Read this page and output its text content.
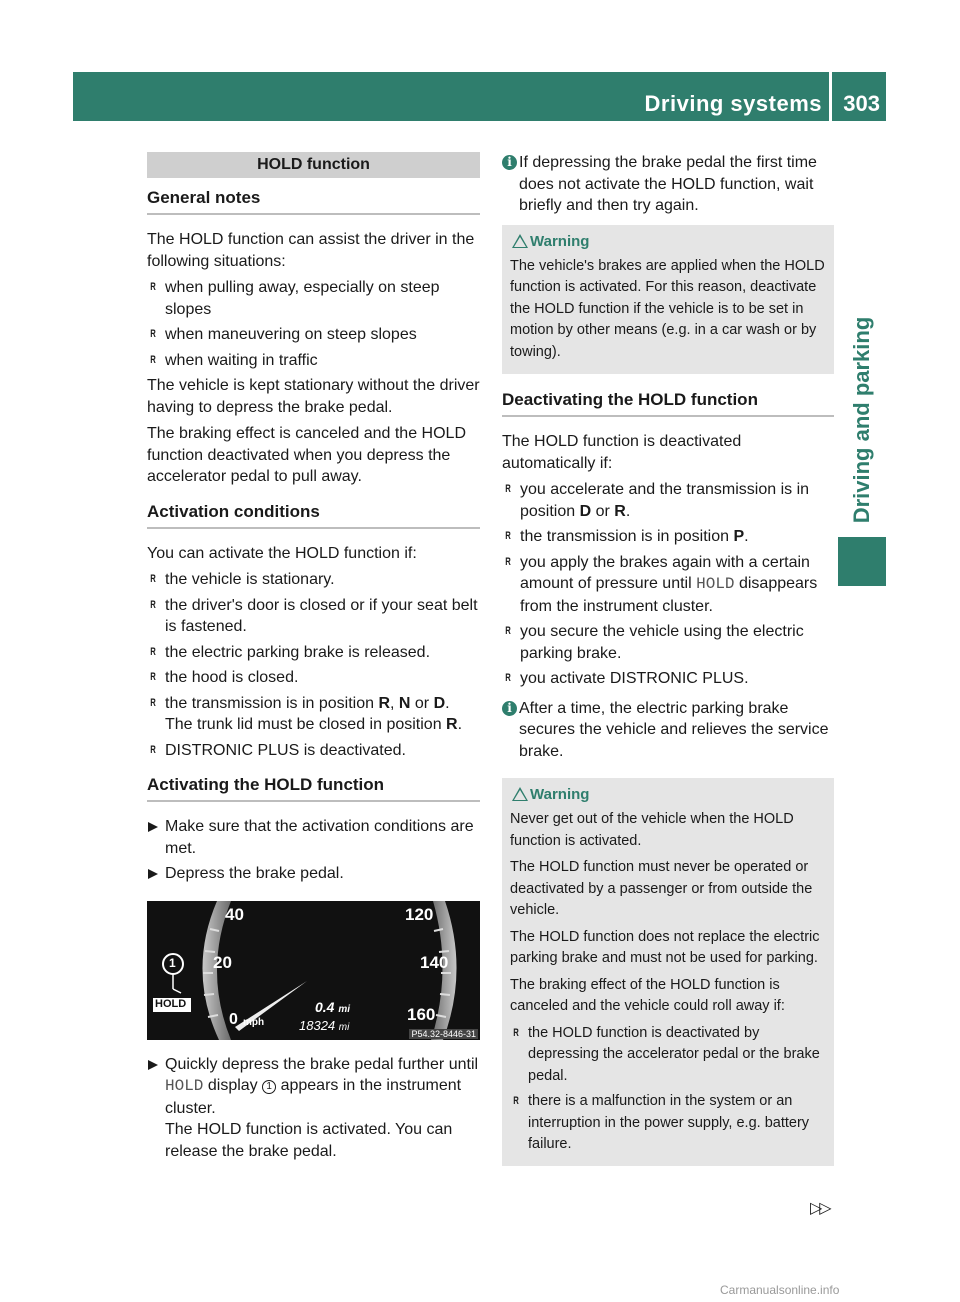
Driving systems 303
Driving and parking
HOLD function
General notes

The HOLD function can assist the driver in the following situations:

R when pulling away, especially on steep slopes
R when maneuvering on steep slopes
R when waiting in traffic

The vehicle is kept stationary without the driver having to depress the brake pedal.

The braking effect is canceled and the HOLD function deactivated when you depress the accelerator pedal to pull away.

Activation conditions

You can activate the HOLD function if:

R the vehicle is stationary.
R the driver's door is closed or if your seat belt is fastened.
R the electric parking brake is released.
R the hood is closed.
R the transmission is in position R, N or D.
The trunk lid must be closed in position R.
R DISTRONIC PLUS is deactivated.
Activating the HOLD function
Make sure that the activation conditions are met.
Depress the brake pedal.
40
20
0 mph
120
140
160
0.4 mi
18324 mi
1
HOLD
P54.32-8446-31
Quickly depress the brake pedal further until HOLD display 1 appears in the instrument cluster.
The HOLD function is activated. You can release the brake pedal.
i If depressing the brake pedal the first time does not activate the HOLD function, wait briefly and then try again.

Warning

The vehicle's brakes are applied when the HOLD function is activated. For this reason, deactivate the HOLD function if the vehicle is to be set in motion by other means (e.g. in a car wash or by towing).

Deactivating the HOLD function

The HOLD function is deactivated automatically if:

R you accelerate and the transmission is in position D or R.
R the transmission is in position P.
R you apply the brakes again with a certain amount of pressure until HOLD disappears from the instrument cluster.
R you secure the vehicle using the electric parking brake.
R you activate DISTRONIC PLUS.
i After a time, the electric parking brake secures the vehicle and relieves the service brake.

Warning

Never get out of the vehicle when the HOLD function is activated.

The HOLD function must never be operated or deactivated by a passenger or from outside the vehicle.

The HOLD function does not replace the electric parking brake and must not be used for parking.

The braking effect of the HOLD function is canceled and the vehicle could roll away if:

R the HOLD function is deactivated by depressing the accelerator pedal or the brake pedal.
R there is a malfunction in the system or an interruption in the power supply, e.g. battery failure.
▷▷
Carmanualsonline.info
